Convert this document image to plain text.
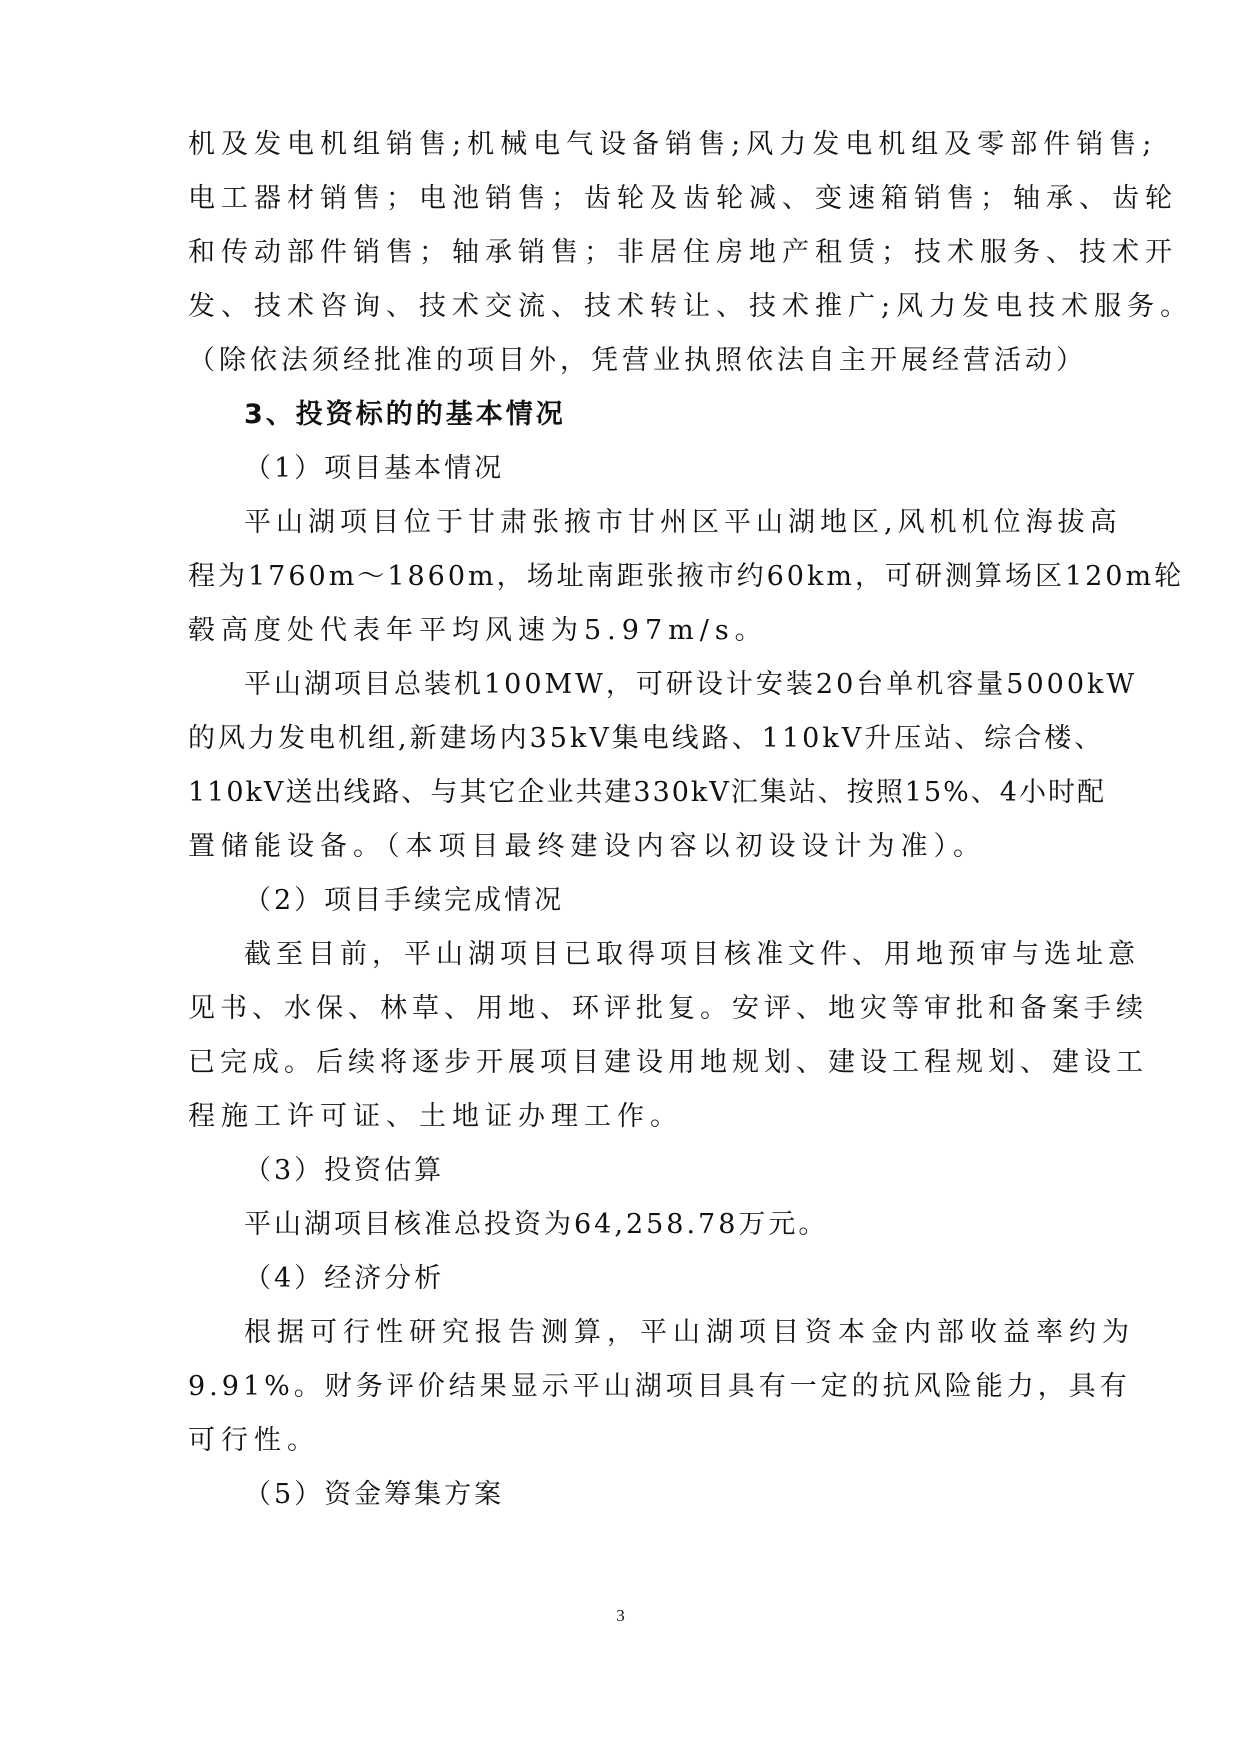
机及发电机组销售;机械电气设备销售;风力发电机组及零部件销售;
电工器材销售；电池销售；齿轮及齿轮减、变速箱销售；轴承、齿轮
和传动部件销售；轴承销售；非居住房地产租赁；技术服务、技术开
发、技术咨询、技术交流、技术转让、技术推广;风力发电技术服务。
（除依法须经批准的项目外，凭营业执照依法自主开展经营活动）
3、投资标的的基本情况
（1）项目基本情况
平山湖项目位于甘肃张掖市甘州区平山湖地区,风机机位海拔高
程为1760m～1860m，场址南距张掖市约60km，可研测算场区120m轮
毂高度处代表年平均风速为5.97m/s。
平山湖项目总装机100MW，可研设计安装20台单机容量5000kW
的风力发电机组,新建场内35kV集电线路、110kV升压站、综合楼、
110kV送出线路、与其它企业共建330kV汇集站、按照15%、4小时配
置储能设备。（本项目最终建设内容以初设设计为准）。
（2）项目手续完成情况
截至目前，平山湖项目已取得项目核准文件、用地预审与选址意
见书、水保、林草、用地、环评批复。安评、地灾等审批和备案手续
已完成。后续将逐步开展项目建设用地规划、建设工程规划、建设工
程施工许可证、土地证办理工作。
（3）投资估算
平山湖项目核准总投资为64,258.78万元。
（4）经济分析
根据可行性研究报告测算，平山湖项目资本金内部收益率约为
9.91%。财务评价结果显示平山湖项目具有一定的抗风险能力，具有
可行性。
（5）资金筹集方案
3
